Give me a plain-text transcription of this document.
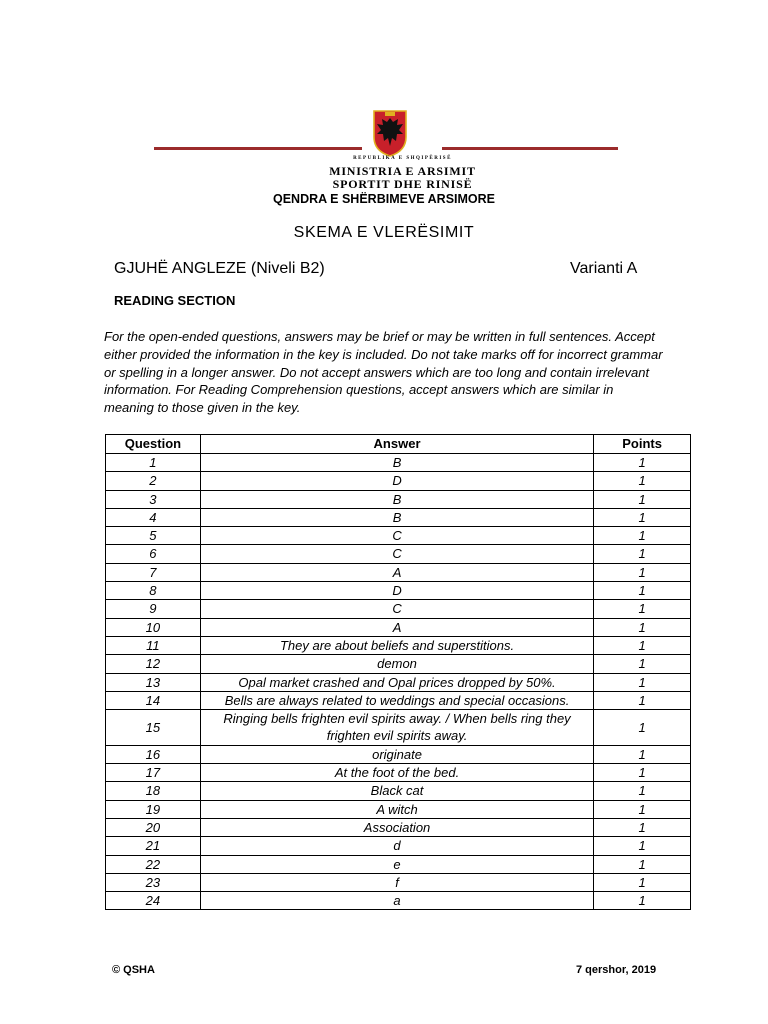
REPUBLIKA E SHQIPËRISË
MINISTRIA E ARSIMIT
SPORTIT DHE RINISË
QENDRA E SHËRBIMEVE ARSIMORE
SKEMA E VLERËSIMIT
GJUHË ANGLEZE (Niveli B2)	Varianti A
READING SECTION
For the open-ended questions, answers may be brief or may be written in full sentences. Accept either provided the information in the key is included. Do not take marks off for incorrect grammar or spelling in a longer answer. Do not accept answers which are too long and contain irrelevant information. For Reading Comprehension questions, accept answers which are similar in meaning to those given in the key.
Question	Answer	Points
1	B	1
2	D	1
3	B	1
4	B	1
5	C	1
6	C	1
7	A	1
8	D	1
9	C	1
10	A	1
11	They are about beliefs and superstitions.	1
12	demon	1
13	Opal market crashed and Opal prices dropped by 50%.	1
14	Bells are always related to weddings and special occasions.	1
15	Ringing bells frighten evil spirits away. / When bells ring they frighten evil spirits away.	1
16	originate	1
17	At the foot of the bed.	1
18	Black cat	1
19	A witch	1
20	Association	1
21	d	1
22	e	1
23	f	1
24	a	1
© QSHA	7 qershor, 2019
